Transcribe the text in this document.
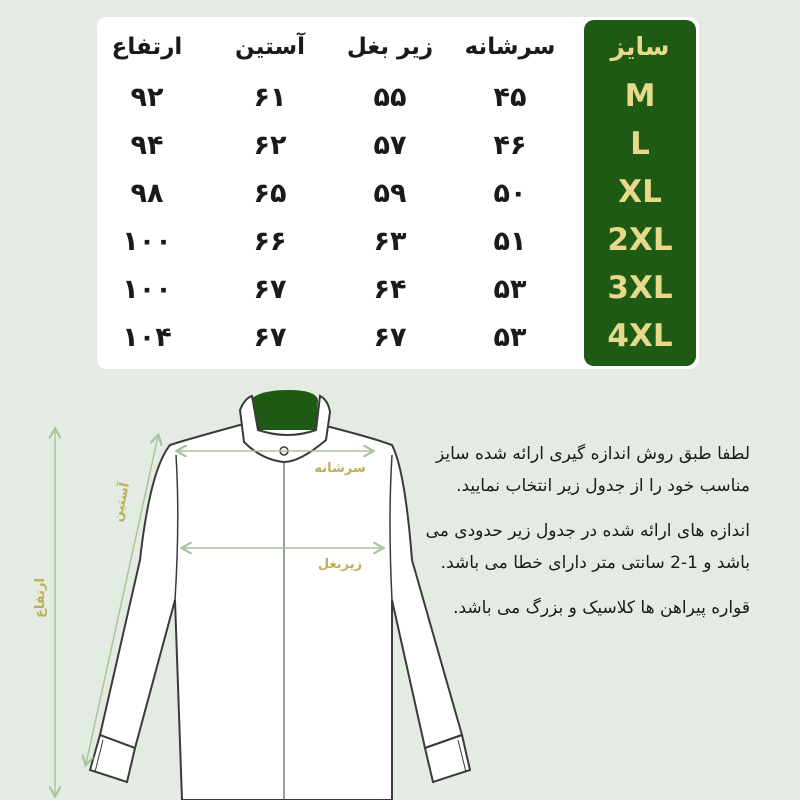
سایز
سرشانه
زیر بغل
آستین
ارتفاع
M
۴۵
۵۵
۶۱
۹۲
L
۴۶
۵۷
۶۲
۹۴
XL
۵۰
۵۹
۶۵
۹۸
2XL
۵۱
۶۳
۶۶
۱۰۰
3XL
۵۳
۶۴
۶۷
۱۰۰
4XL
۵۳
۶۷
۶۷
۱۰۴
سرشانه
زیربغل
آستین
ارتفاع

لطفا طبق روش اندازه گیری ارائه شده سایز مناسب خود را از جدول زیر انتخاب نمایید.

اندازه های ارائه شده در جدول زیر حدودی می باشد و 1-2 سانتی متر دارای خطا می باشد.

قواره پیراهن ها کلاسیک و بزرگ می باشد.
